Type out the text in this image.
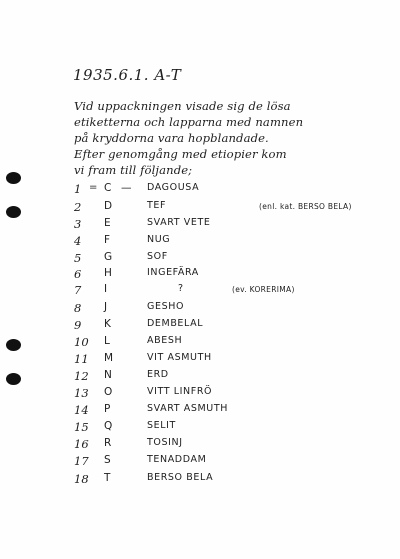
1935.6.1. A-T
Vid uppackningen visade sig de lösa
etiketterna och lapparna med namnen
på kryddorna vara hopblandade.
Efter genomgång med etiopier kom
vi fram till följande;
1 = C — DAGOUSA
2 D	TEF	(enl. kat. BERSO BELA)
3 E	SVART VETE
4 F	NUG
5 G	SOF
6 H	INGEFÄRA
7 I	?	(ev. KORERIMA)
8 J	GESHO
9 K	DEMBELAL
10 L	ABESH
11 M	VIT ASMUTH
12 N	ERD
13 O	VITT LINFRÖ
14 P	SVART ASMUTH
15 Q	SELIT
16 R	TOSINJ
17 S	TENADDAM
18 T	BERSO BELA
